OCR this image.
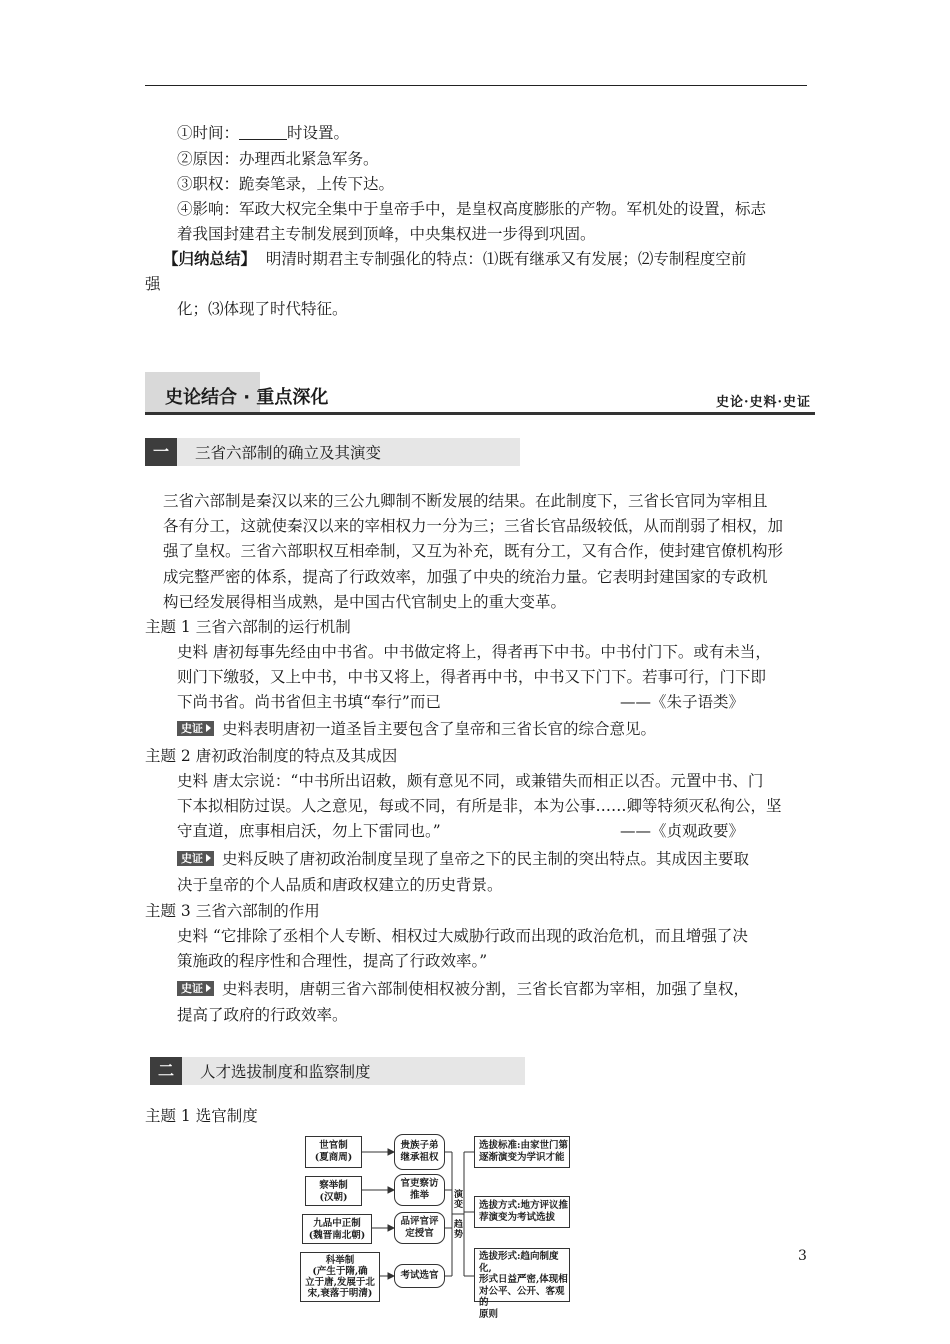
①时间：	时设置。
②原因：办理西北紧急军务。
③职权：跪奏笔录，上传下达。
④影响：军政大权完全集中于皇帝手中，是皇权高度膨胀的产物。军机处的设置，标志
着我国封建君主专制发展到顶峰，中央集权进一步得到巩固。
【归纳总结】 明清时期君主专制强化的特点：⑴既有继承又有发展；⑵专制程度空前
强
化；⑶体现了时代特征。
史论结合 · 重点深化	史论·史料·史证
一	三省六部制的确立及其演变
三省六部制是秦汉以来的三公九卿制不断发展的结果。在此制度下，三省长官同为宰相且
各有分工，这就使秦汉以来的宰相权力一分为三；三省长官品级较低，从而削弱了相权，加
强了皇权。三省六部职权互相牵制，又互为补充，既有分工，又有合作，使封建官僚机构形
成完整严密的体系，提高了行政效率，加强了中央的统治力量。它表明封建国家的专政机
构已经发展得相当成熟，是中国古代官制史上的重大变革。
主题 1 三省六部制的运行机制
史料 唐初每事先经由中书省。中书做定将上，得者再下中书。中书付门下。或有未当，
则门下缴驳，又上中书，中书又将上，得者再中书，中书又下门下。若事可行，门下即
下尚书省。尚书省但主书填“奉行”而已	——《朱子语类》
史证 史料表明唐初一道圣旨主要包含了皇帝和三省长官的综合意见。
主题 2 唐初政治制度的特点及其成因
史料 唐太宗说：“中书所出诏敕，颇有意见不同，或兼错失而相正以否。元置中书、门
下本拟相防过误。人之意见，每或不同，有所是非，本为公事……卿等特须灭私徇公，坚
守直道，庶事相启沃，勿上下雷同也。”	——《贞观政要》
史证 史料反映了唐初政治制度呈现了皇帝之下的民主制的突出特点。其成因主要取
决于皇帝的个人品质和唐政权建立的历史背景。
主题 3 三省六部制的作用
史料 “它排除了丞相个人专断、相权过大威胁行政而出现的政治危机，而且增强了决
策施政的程序性和合理性，提高了行政效率。”
史证 史料表明，唐朝三省六部制使相权被分割，三省长官都为宰相，加强了皇权，
提高了政府的行政效率。
二	人才选拔制度和监察制度
主题 1 选官制度
世官制
(夏商周)
察举制
(汉朝)
九品中正制
(魏晋南北朝)
科举制
(产生于隋,确
立于唐,发展于北
宋,衰落于明清)
贵族子弟
继承祖权
官吏察访
推举
品评官评
定授官
考试选官
演变
趋势
选拔标准:由家世门第
逐渐演变为学识才能
选拔方式:地方评议推
荐演变为考试选拔
选拔形式:趋向制度化,
形式日益严密,体现相
对公平、公开、客观的
原则
3
